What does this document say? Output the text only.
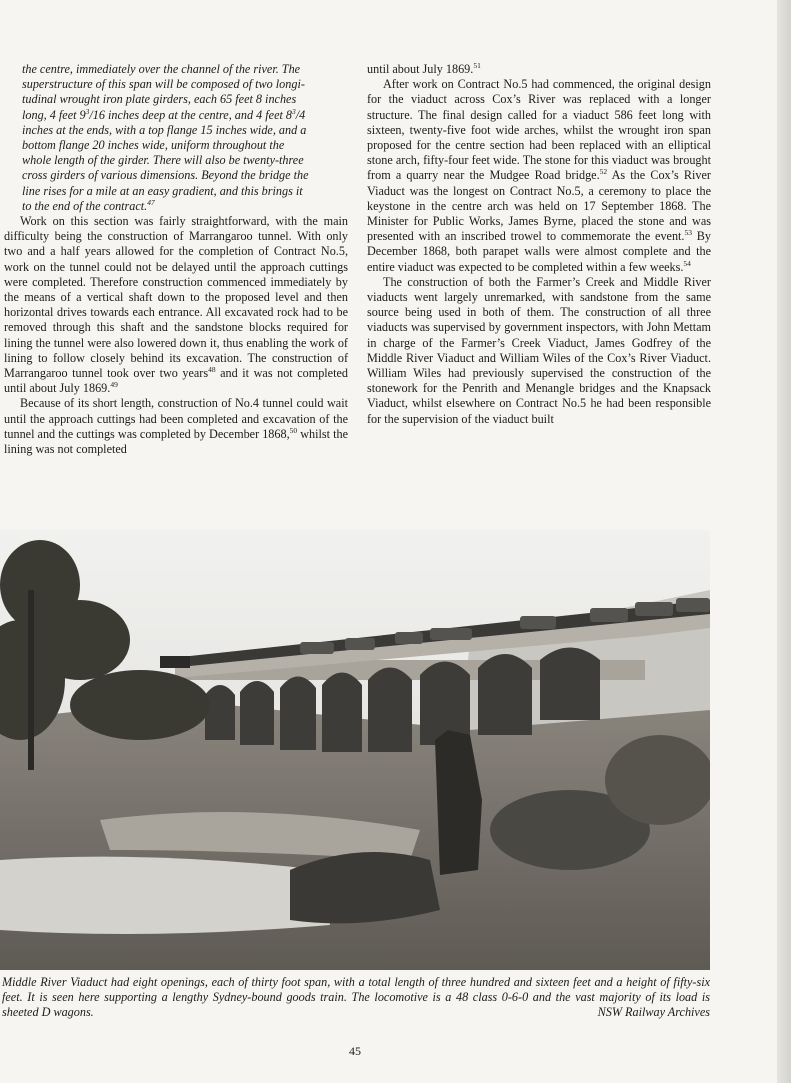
the centre, immediately over the channel of the river. The
superstructure of this span will be composed of two longi-
tudinal wrought iron plate girders, each 65 feet 8 inches
long, 4 feet $9^3/16$ inches deep at the centre, and 4 feet $8^3/4$
inches at the ends, with a top flange 15 inches wide, and a
bottom flange 20 inches wide, uniform throughout the
whole length of the girder. There will also be twenty-three
cross girders of various dimensions. Beyond the bridge the
line rises for a mile at an easy gradient, and this brings it
to the end of the contract.$^{47}$

Work on this section was fairly straightforward, with the main difficulty being the construction of Marrangaroo tunnel. With only two and a half years allowed for the completion of Contract No.5, work on the tunnel could not be delayed until the approach cuttings were completed. Therefore construction commenced immediately by the means of a vertical shaft down to the proposed level and then horizontal drives towards each entrance. All excavated rock had to be removed through this shaft and the sandstone blocks required for lining the tunnel were also lowered down it, thus enabling the work of lining to follow closely behind its excavation. The construction of Marrangaroo tunnel took over two years$^{48}$ and it was not completed until about July 1869.49

Because of its short length, construction of No.4 tunnel could wait until the approach cuttings had been completed and excavation of the tunnel and the cuttings was completed by December 1868,50 whilst the lining was not completed

until about July 1869.51

After work on Contract No.5 had commenced, the original design for the viaduct across Cox’s River was replaced with a longer structure. The final design called for a viaduct 586 feet long with sixteen, twenty-five foot wide arches, whilst the wrought iron span proposed for the centre section had been replaced with an elliptical stone arch, fifty-four feet wide. The stone for this viaduct was brought from a quarry near the Mudgee Road bridge.$^{52}$ As the Cox’s River Viaduct was the longest on Contract No.5, a ceremony to place the keystone in the centre arch was held on 17 September 1868. The Minister for Public Works, James Byrne, placed the stone and was presented with an inscribed trowel to commemorate the event.$^{53}$ By December 1868, both parapet walls were almost complete and the entire viaduct was expected to be completed within a few weeks.$^{54}$

The construction of both the Farmer’s Creek and Middle River viaducts went largely unremarked, with sandstone from the same source being used in both of them. The construction of all three viaducts was supervised by government inspectors, with John Mettam in charge of the Farmer’s Creek Viaduct, James Godfrey of the Middle River Viaduct and William Wiles of the Cox’s River Viaduct. William Wiles had previously supervised the construction of the stonework for the Penrith and Menangle bridges and the Knapsack Viaduct, whilst elsewhere on Contract No.5 he had been responsible for the supervision of the viaduct built

Middle River Viaduct had eight openings, each of thirty foot span, with a total length of three hundred and sixteen feet and a height of fifty-six feet. It is seen here supporting a lengthy Sydney-bound goods train. The locomotive is a 48 class 0-6-0 and the vast majority of its load is sheeted D wagons.	NSW Railway Archives
45
